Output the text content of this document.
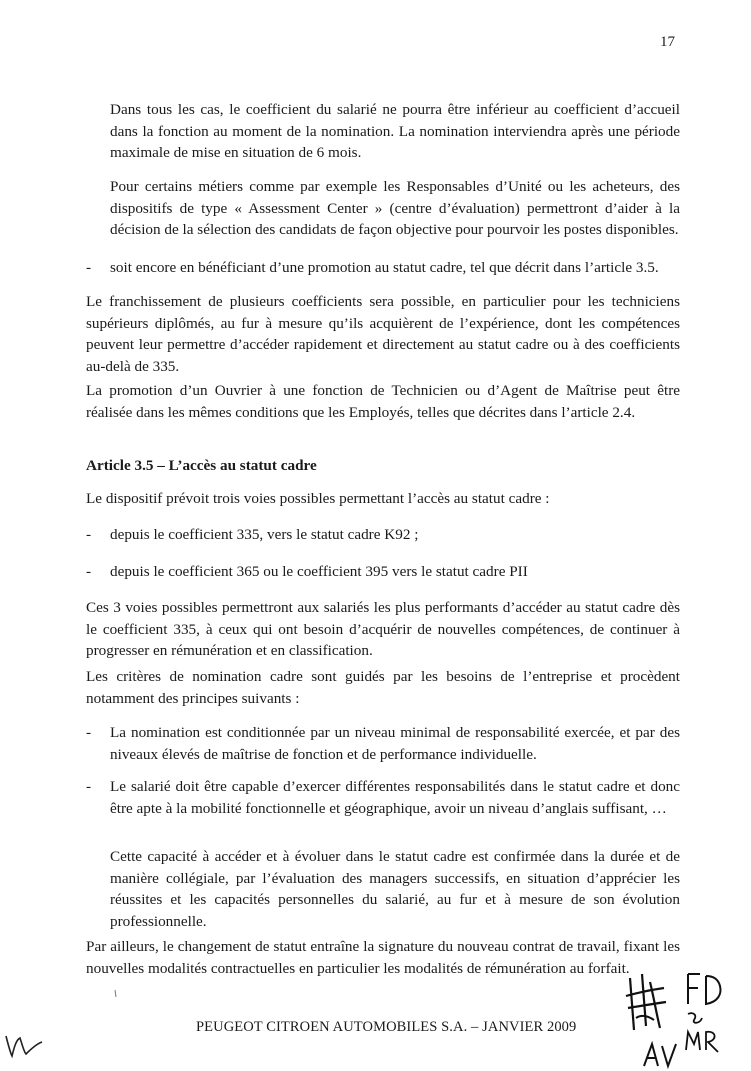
17

Dans tous les cas, le coefficient du salarié ne pourra être inférieur au coefficient d’accueil dans la fonction au moment de la nomination. La nomination interviendra après une période maximale de mise en situation de 6 mois.

Pour certains métiers comme par exemple les Responsables d’Unité ou les acheteurs, des dispositifs de type « Assessment Center » (centre d’évaluation) permettront d’aider à la décision de la sélection des candidats de façon objective pour pourvoir les postes disponibles.

-	soit encore en bénéficiant d’une promotion au statut cadre, tel que décrit dans l’article 3.5.

Le franchissement de plusieurs coefficients sera possible, en particulier pour les techniciens supérieurs diplômés, au fur à mesure qu’ils acquièrent de l’expérience, dont les compétences peuvent leur permettre d’accéder rapidement et directement au statut cadre ou à des coefficients au-delà de 335.

La promotion d’un Ouvrier à une fonction de Technicien ou d’Agent de Maîtrise peut être réalisée dans les mêmes conditions que les Employés, telles que décrites dans l’article 2.4.

Article 3.5 – L’accès au statut cadre

Le dispositif prévoit trois voies possibles permettant l’accès au statut cadre :

-	depuis le coefficient 335, vers le statut cadre K92 ;

-	depuis le coefficient 365 ou le coefficient 395 vers le statut cadre PII

Ces 3 voies possibles permettront aux salariés les plus performants d’accéder au statut cadre dès le coefficient 335, à ceux qui ont besoin d’acquérir de nouvelles compétences, de continuer à progresser en rémunération et en classification.

Les critères de nomination cadre sont guidés par les besoins de l’entreprise et procèdent notamment des principes suivants :

-	La nomination est conditionnée par un niveau minimal de responsabilité exercée, et par des niveaux élevés de maîtrise de fonction et de performance individuelle.

-	Le salarié doit être capable d’exercer différentes responsabilités dans le statut cadre et donc être apte à la mobilité fonctionnelle et géographique, avoir un niveau d’anglais suffisant, …

Cette capacité à accéder et à évoluer dans le statut cadre est confirmée dans la durée et de manière collégiale, par l’évaluation des managers successifs, en situation d’apprécier les réussites et les capacités personnelles du salarié, au fur et à mesure de son évolution professionnelle.

Par ailleurs, le changement de statut entraîne la signature du nouveau contrat de travail, fixant les nouvelles modalités contractuelles en particulier les modalités de rémunération au forfait.

PEUGEOT CITROEN AUTOMOBILES S.A. – JANVIER 2009
